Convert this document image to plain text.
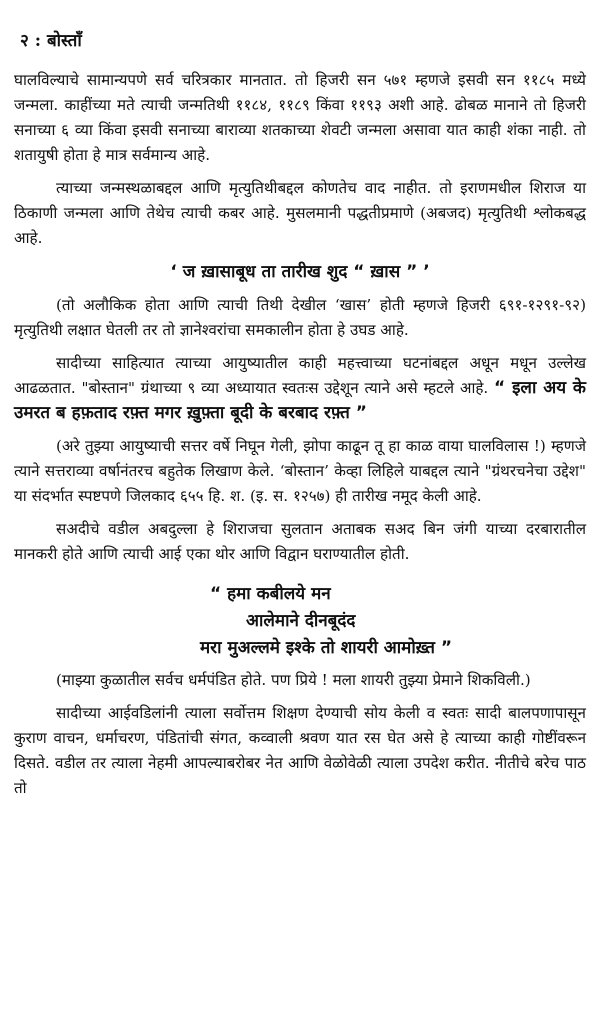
२ : बोस्ताँ
घालविल्याचे सामान्यपणे सर्व चरित्रकार मानतात. तो हिजरी सन ५७१ म्हणजे इसवी सन ११८५ मध्ये जन्मला. काहींच्या मते त्याची जन्मतिथी ११८४, ११८९ किंवा ११९३ अशी आहे. ढोबळ मानाने तो हिजरी सनाच्या ६ व्या किंवा इसवी सनाच्या बाराव्या शतकाच्या शेवटी जन्मला असावा यात काही शंका नाही. तो शतायुषी होता हे मात्र सर्वमान्य आहे.
त्याच्या जन्मस्थळाबद्दल आणि मृत्युतिथीबद्दल कोणतेच वाद नाहीत. तो इराणमधील शिराज या ठिकाणी जन्मला आणि तेथेच त्याची कबर आहे. मुसलमानी पद्धतीप्रमाणे (अबजद) मृत्युतिथी श्लोकबद्ध आहे.
‘ ज ख़ासाबूध ता तारीख शुद “ ख़ास ” ’
(तो अलौकिक होता आणि त्याची तिथी देखील ‘खास’ होती म्हणजे हिजरी ६९१-१२९१-९२) मृत्युतिथी लक्षात घेतली तर तो ज्ञानेश्वरांचा समकालीन होता हे उघड आहे.
सादीच्या साहित्यात त्याच्या आयुष्यातील काही महत्त्वाच्या घटनांबद्दल अधून मधून उल्लेख आढळतात. "बोस्तान" ग्रंथाच्या ९ व्या अध्यायात स्वतःस उद्देशून त्याने असे म्हटले आहे. “ इला अय के उमरत ब हफ़ताद रफ़्त मगर ख़ुफ़्ता बूदी के बरबाद रफ़्त ”
(अरे तुझ्या आयुष्याची सत्तर वर्षे निघून गेली, झोपा काढून तू हा काळ वाया घालविलास !) म्हणजे त्याने सत्तराव्या वर्षानंतरच बहुतेक लिखाण केले. ‘बोस्तान’ केव्हा लिहिले याबद्दल त्याने "ग्रंथरचनेचा उद्देश" या संदर्भात स्पष्टपणे जिलकाद ६५५ हि. श. (इ. स. १२५७) ही तारीख नमूद केली आहे.
सअदीचे वडील अबदुल्ला हे शिराजचा सुलतान अताबक सअद बिन जंगी याच्या दरबारातील मानकरी होते आणि त्याची आई एका थोर आणि विद्वान घराण्यातील होती.
“ हमा कबीलये मन
आलेमाने दीनबूदंद
मरा मुअल्लमे इश्के तो शायरी आमोख़्त ”
(माझ्या कुळातील सर्वच धर्मपंडित होते. पण प्रिये ! मला शायरी तुझ्या प्रेमाने शिकविली.)
सादीच्या आईवडिलांनी त्याला सर्वोत्तम शिक्षण देण्याची सोय केली व स्वतः सादी बालपणापासून कुराण वाचन, धर्माचरण, पंडितांची संगत, कव्वाली श्रवण यात रस घेत असे हे त्याच्या काही गोष्टींवरून दिसते. वडील तर त्याला नेहमी आपल्याबरोबर नेत आणि वेळोवेळी त्याला उपदेश करीत. नीतीचे बरेच पाठ तो
